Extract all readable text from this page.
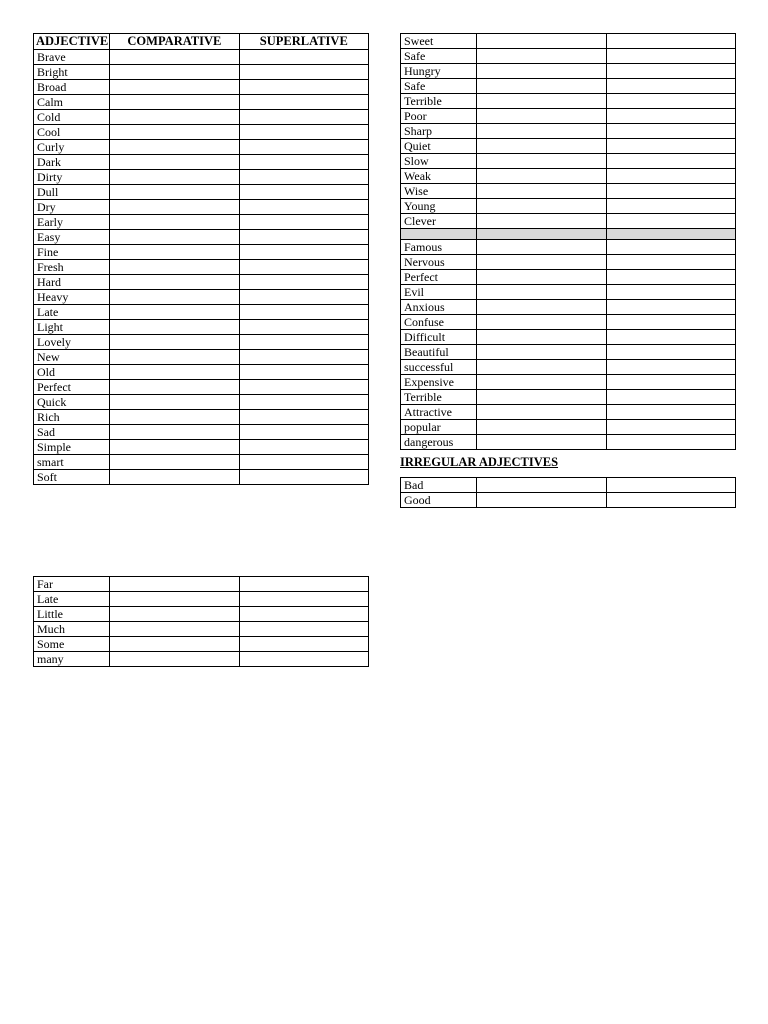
ADJECTIVE	COMPARATIVE	SUPERLATIVE
Brave		
Bright		
Broad		
Calm		
Cold		
Cool		
Curly		
Dark		
Dirty		
Dull		
Dry		
Early		
Easy		
Fine		
Fresh		
Hard		
Heavy		
Late		
Light		
Lovely		
New		
Old		
Perfect		
Quick		
Rich		
Sad		
Simple		
smart		
Soft		
Sweet		
Safe		
Hungry		
Safe		
Terrible		
Poor		
Sharp		
Quiet		
Slow		
Weak		
Wise		
Young		
Clever		

Famous		
Nervous		
Perfect		
Evil		
Anxious		
Confuse		
Difficult		
Beautiful		
successful		
Expensive		
Terrible		
Attractive		
popular		
dangerous		

IRREGULAR ADJECTIVES

Bad		
Good		
Far		
Late		
Little		
Much		
Some		
many		
